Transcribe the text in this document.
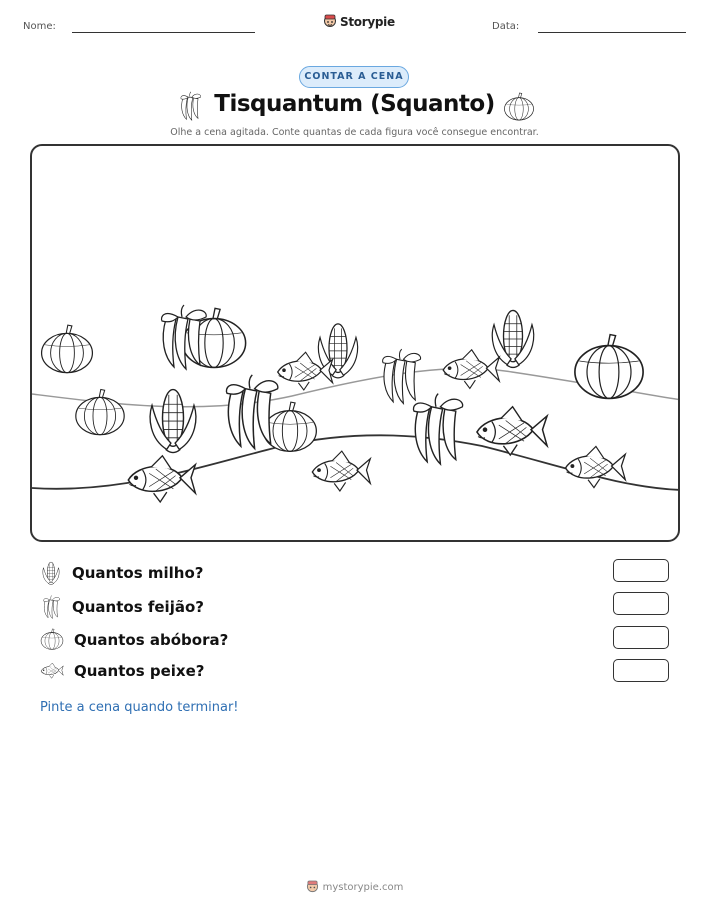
Nome:	Storypie	Data:
CONTAR A CENA
Tisquantum (Squanto)
Olhe a cena agitada. Conte quantas de cada figura você consegue encontrar.
Quantos milho?
Quantos feijão?
Quantos abóbora?
Quantos peixe?
Pinte a cena quando terminar!
mystorypie.com
